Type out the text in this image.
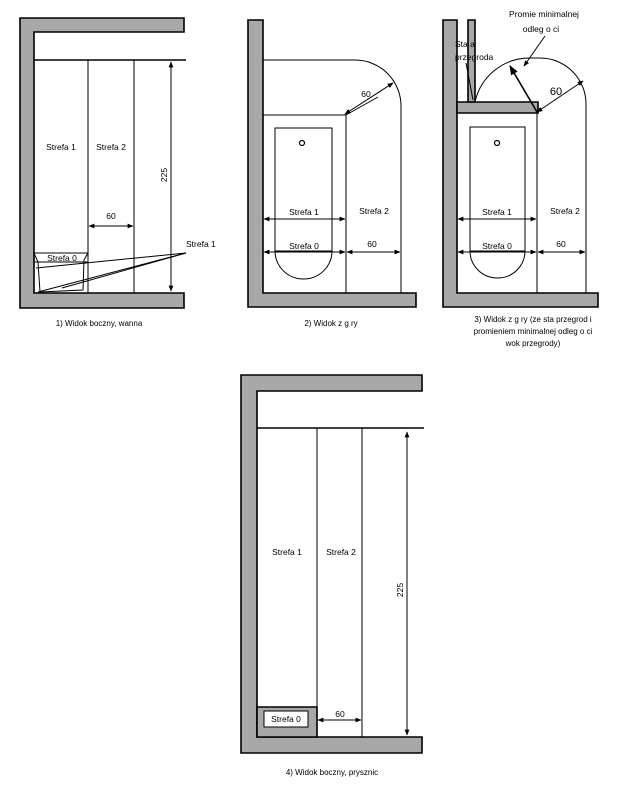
225
60
Strefa 1 Strefa 2
Strefa 0
Strefa 1
1) Widok boczny, wanna
60
Strefa 1	Strefa 2
Strefa 0	60
2) Widok z g ry
Promie minimalnej
odleg o ci
Sta a
przegroda
60
Strefa 1	Strefa 2
Strefa 0	60
3) Widok z g ry (ze sta przegrod i
promieniem minimalnej odleg o ci
wok przegrody)
225
60
Strefa 1	Strefa 2
Strefa 0
4) Widok boczny, prysznic
